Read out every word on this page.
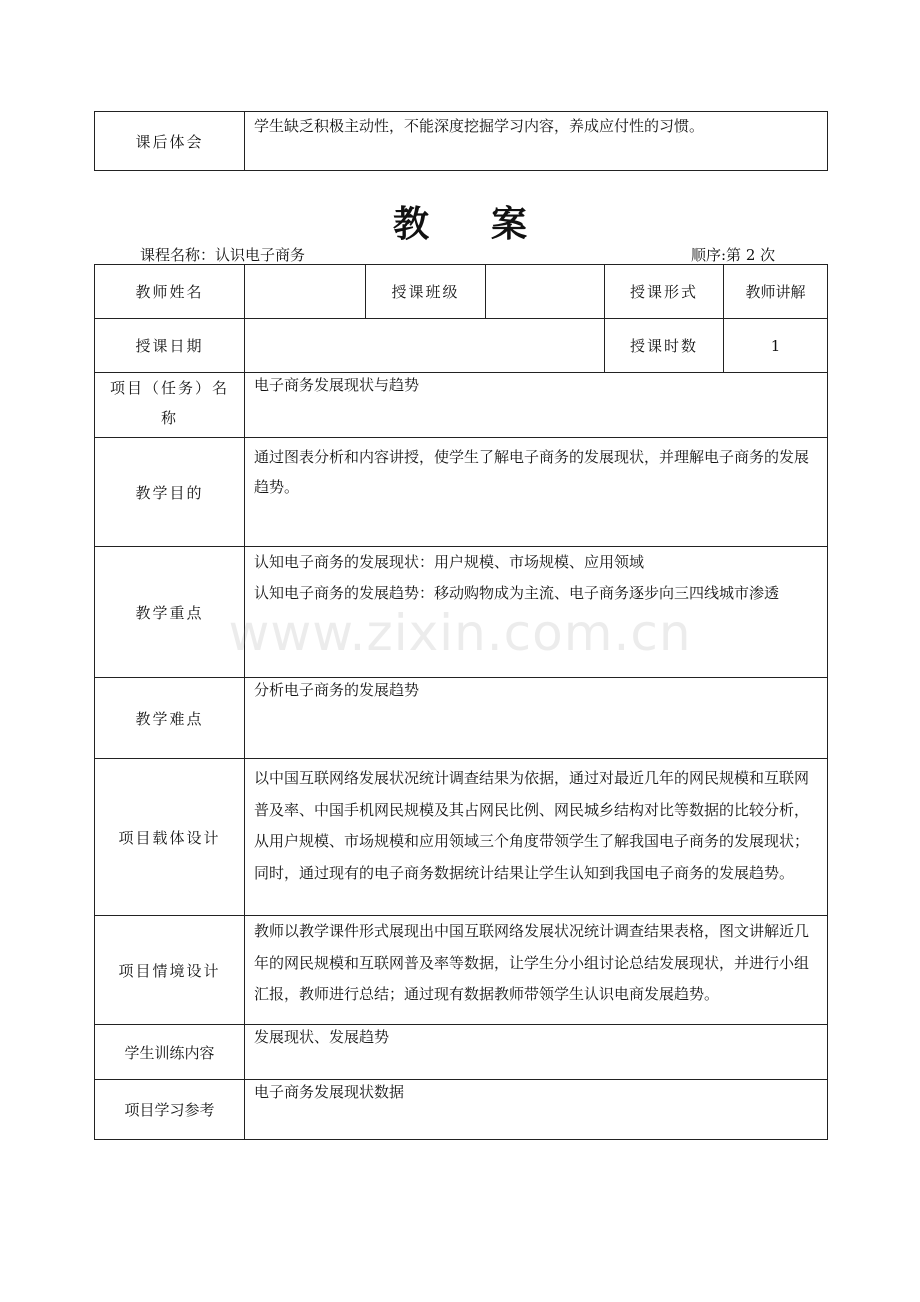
课后体会	学生缺乏积极主动性，不能深度挖掘学习内容，养成应付性的习惯。
教案
课程名称：认识电子商务	顺序:第 2 次
教师姓名		授课班级		授课形式	教师讲解
授课日期				授课时数	1

项目（任务）名
称	电子商务发展现状与趋势				
教学目的	通过图表分析和内容讲授，使学生了解电子商务的发展现状，并理解电子商务的发展趋势。				
教学重点	认知电子商务的发展现状：用户规模、市场规模、应用领域
认知电子商务的发展趋势：移动购物成为主流、电子商务逐步向三四线城市渗透				

教学难点	分析电子商务的发展趋势				
项目载体设计	以中国互联网络发展状况统计调查结果为依据，通过对最近几年的网民规模和互联网普及率、中国手机网民规模及其占网民比例、网民城乡结构对比等数据的比较分析，从用户规模、市场规模和应用领域三个角度带领学生了解我国电子商务的发展现状；同时，通过现有的电子商务数据统计结果让学生认知到我国电子商务的发展趋势。				
项目情境设计	教师以教学课件形式展现出中国互联网络发展状况统计调查结果表格，图文讲解近几年的网民规模和互联网普及率等数据，让学生分小组讨论总结发展现状，并进行小组汇报，教师进行总结；通过现有数据教师带领学生认识电商发展趋势。				
学生训练内容	发展现状、发展趋势				
项目学习参考	电子商务发展现状数据				
www.zixin.com.cn
